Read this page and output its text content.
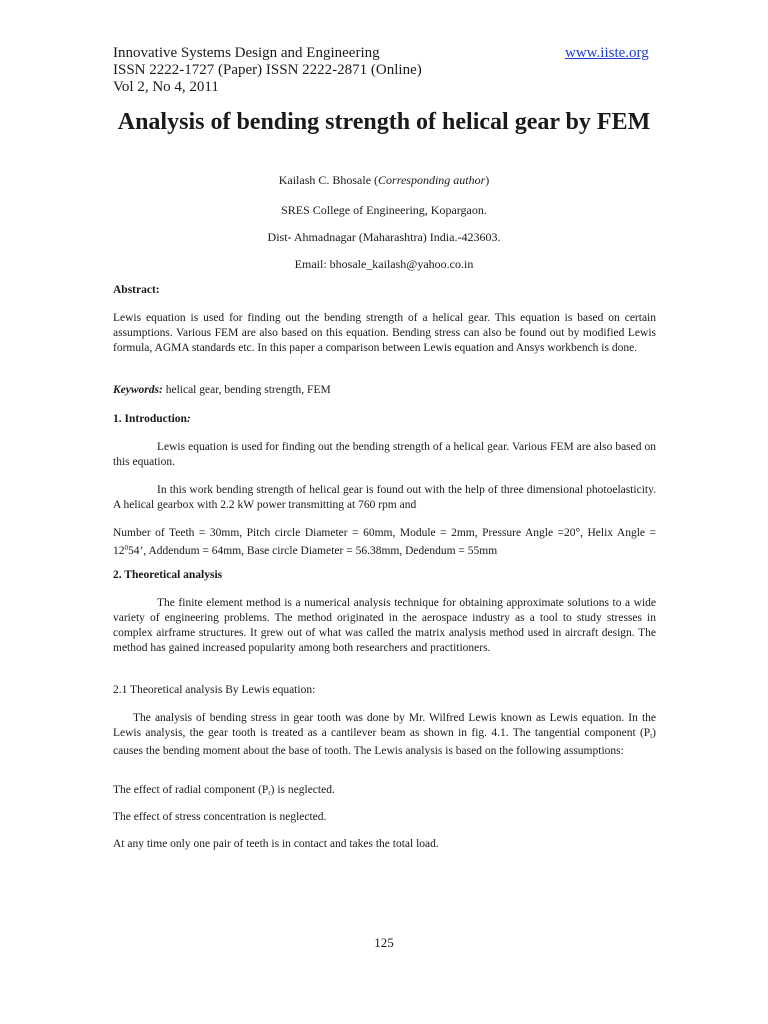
Innovative Systems Design and Engineering
ISSN 2222-1727 (Paper) ISSN 2222-2871 (Online)
Vol 2, No 4, 2011
www.iiste.org
Analysis of bending strength of helical gear by FEM
Kailash C. Bhosale (Corresponding author)
SRES College of Engineering, Kopargaon.
Dist- Ahmadnagar (Maharashtra) India.-423603.
Email: bhosale_kailash@yahoo.co.in
Abstract:
Lewis equation is used for finding out the bending strength of a helical gear. This equation is based on certain assumptions. Various FEM are also based on this equation. Bending stress can also be found out by modified Lewis formula, AGMA standards etc. In this paper a comparison between Lewis equation and Ansys workbench is done.
Keywords: helical gear, bending strength, FEM
1. Introduction:
Lewis equation is used for finding out the bending strength of a helical gear. Various FEM are also based on this equation.
In this work bending strength of helical gear is found out with the help of three dimensional photoelasticity. A helical gearbox with 2.2 kW power transmitting at 760 rpm and
Number of Teeth = 30mm, Pitch circle Diameter = 60mm, Module = 2mm, Pressure Angle =20°, Helix Angle = $12^054$’, Addendum = 64mm, Base circle Diameter = 56.38mm, Dedendum = 55mm
2. Theoretical analysis
The finite element method is a numerical analysis technique for obtaining approximate solutions to a wide variety of engineering problems. The method originated in the aerospace industry as a tool to study stresses in complex airframe structures. It grew out of what was called the matrix analysis method used in aircraft design. The method has gained increased popularity among both researchers and practitioners.
2.1 Theoretical analysis By Lewis equation:
The analysis of bending stress in gear tooth was done by Mr. Wilfred Lewis known as Lewis equation. In the Lewis analysis, the gear tooth is treated as a cantilever beam as shown in fig. 4.1. The tangential component $(P_t)$ causes the bending moment about the base of tooth. The Lewis analysis is based on the following assumptions:
The effect of radial component $(P_r)$ is neglected.
The effect of stress concentration is neglected.
At any time only one pair of teeth is in contact and takes the total load.
125
